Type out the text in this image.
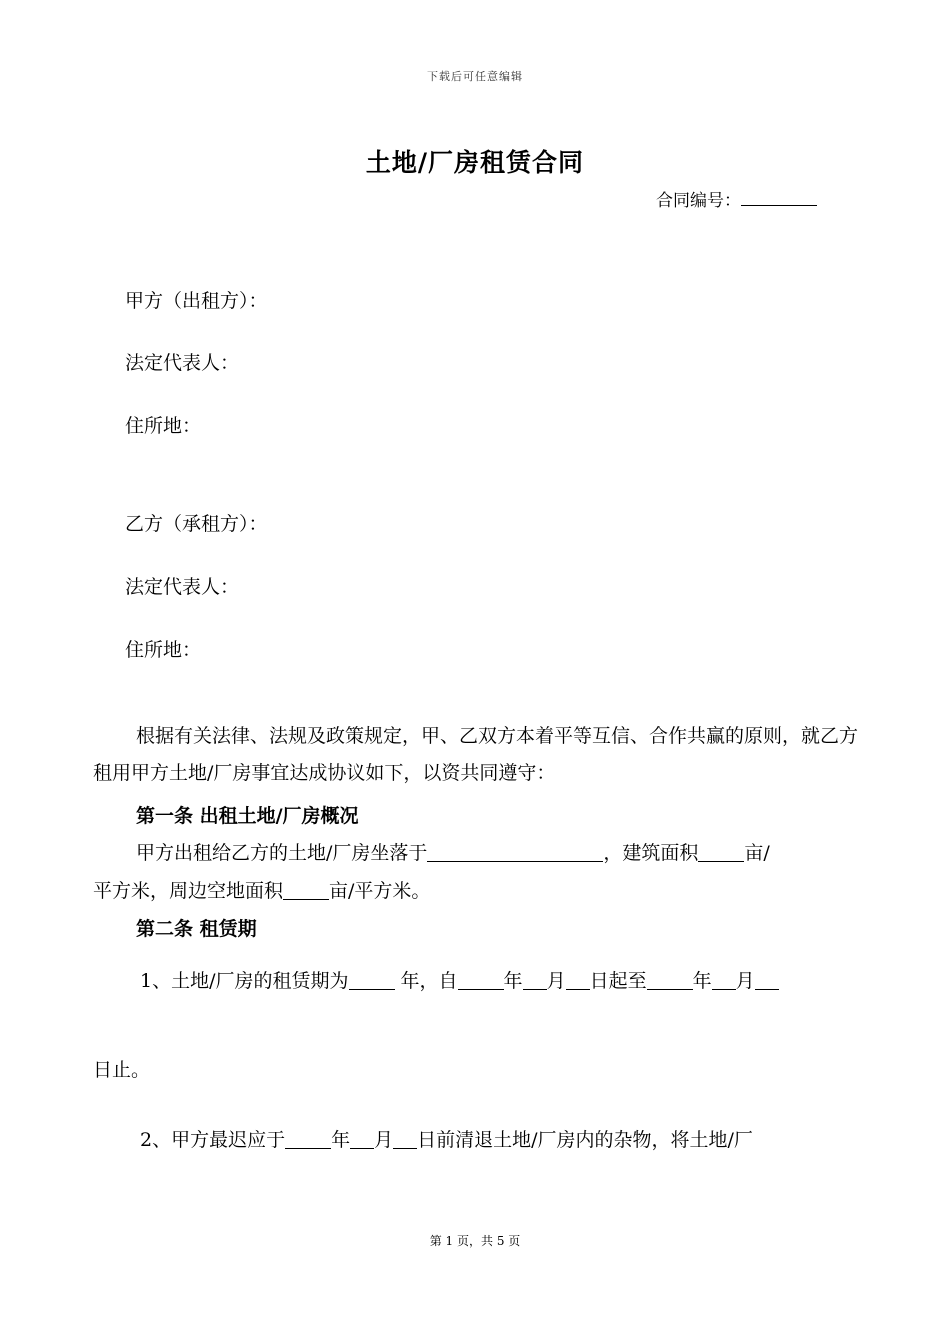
下载后可任意编辑
土地/厂房租赁合同
合同编号：
甲方（出租方）：
法定代表人：
住所地：
乙方（承租方）：
法定代表人：
住所地：
根据有关法律、法规及政策规定，甲、乙双方本着平等互信、合作共赢的原则，就乙方租用甲方土地/厂房事宜达成协议如下，以资共同遵守：
第一条 出租土地/厂房概况
甲方出租给乙方的土地/厂房坐落于	，建筑面积 亩/
平方米，周边空地面积 亩/平方米。
第二条 租赁期
1、土地/厂房的租赁期为 年，自 年 月 日起至 年 月
日止。
2、甲方最迟应于 年 月 日前清退土地/厂房内的杂物，将土地/厂
第 1 页，共 5 页
